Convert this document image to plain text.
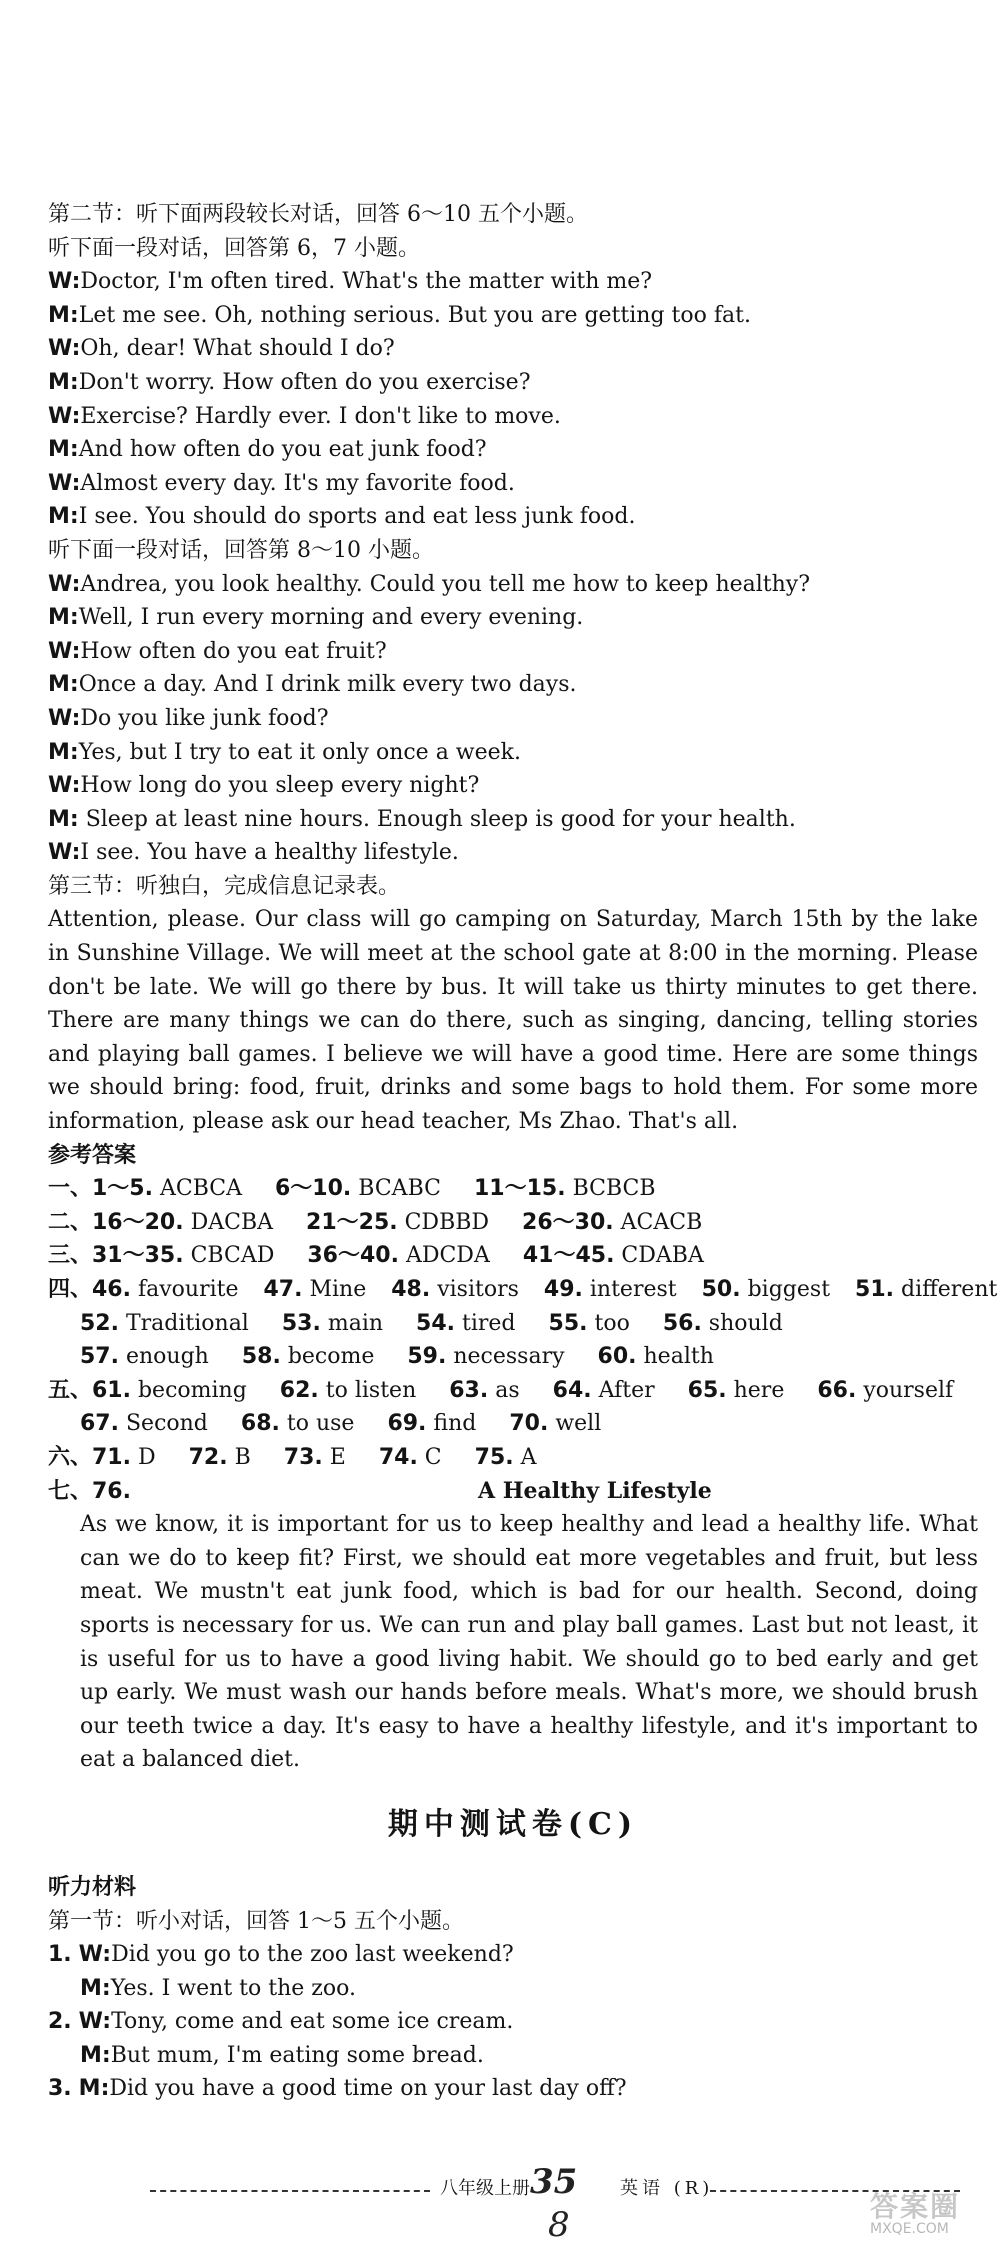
第二节：听下面两段较长对话，回答 6～10 五个小题。
听下面一段对话，回答第 6，7 小题。
W:Doctor, I'm often tired. What's the matter with me?
M:Let me see. Oh, nothing serious. But you are getting too fat.
W:Oh, dear! What should I do?
M:Don't worry. How often do you exercise?
W:Exercise? Hardly ever. I don't like to move.
M:And how often do you eat junk food?
W:Almost every day. It's my favorite food.
M:I see. You should do sports and eat less junk food.
听下面一段对话，回答第 8～10 小题。
W:Andrea, you look healthy. Could you tell me how to keep healthy?
M:Well, I run every morning and every evening.
W:How often do you eat fruit?
M:Once a day. And I drink milk every two days.
W:Do you like junk food?
M:Yes, but I try to eat it only once a week.
W:How long do you sleep every night?
M: Sleep at least nine hours. Enough sleep is good for your health.
W:I see. You have a healthy lifestyle.
第三节：听独白，完成信息记录表。
Attention, please. Our class will go camping on Saturday, March 15th by the lake in Sunshine Village. We will meet at the school gate at 8:00 in the morning. Please don't be late. We will go there by bus. It will take us thirty minutes to get there. There are many things we can do there, such as singing, dancing, telling stories and playing ball games. I believe we will have a good time. Here are some things we should bring: food, fruit, drinks and some bags to hold them. For some more information, please ask our head teacher, Ms Zhao. That's all.
参考答案
一、1～5. ACBCA 6～10. BCABC 11～15. BCBCB
二、16～20. DACBA 21～25. CDBBD 26～30. ACACB
三、31～35. CBCAD 36～40. ADCDA 41～45. CDABA
四、46. favourite 47. Mine 48. visitors 49. interest 50. biggest 51. different
52. Traditional 53. main 54. tired 55. too 56. should
57. enough 58. become 59. necessary 60. health
五、61. becoming 62. to listen 63. as 64. After 65. here 66. yourself
67. Second 68. to use 69. find 70. well
六、71. D 72. B 73. E 74. C 75. A
七、76.	A Healthy Lifestyle
As we know, it is important for us to keep healthy and lead a healthy life. What can we do to keep fit? First, we should eat more vegetables and fruit, but less meat. We mustn't eat junk food, which is bad for our health. Second, doing sports is necessary for us. We can run and play ball games. Last but not least, it is useful for us to have a good living habit. We should go to bed early and get up early. We must wash our hands before meals. What's more, we should brush our teeth twice a day. It's easy to have a healthy lifestyle, and it's important to eat a balanced diet.
期中测试卷(C)
听力材料
第一节：听小对话，回答 1～5 五个小题。
1. W:Did you go to the zoo last weekend?
M:Yes. I went to the zoo.
2. W:Tony, come and eat some ice cream.
M:But mum, I'm eating some bread.
3. M:Did you have a good time on your last day off?
八年级上册 35 英语 (R)
8	答案圈
MXQE.COM
